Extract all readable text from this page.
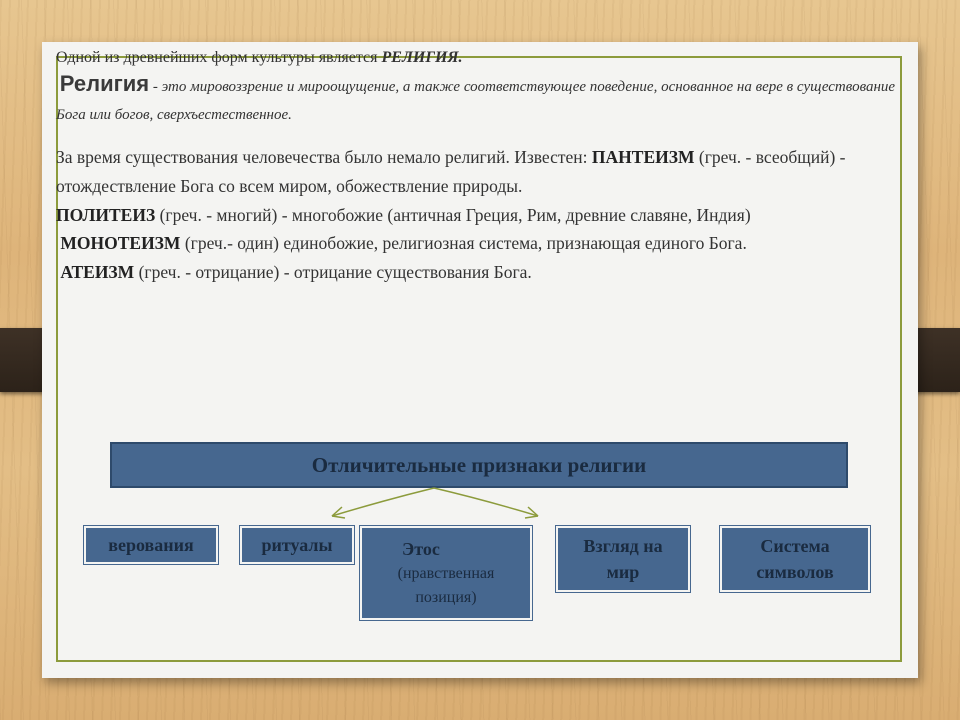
Одной из древнейших форм культуры является РЕЛИГИЯ.

Религия - это мировоззрение и мироощущение, а также соответствующее поведение, основанное на вере в существование Бога или богов, сверхъестественное.

За время существования человечества было немало религий. Известен: ПАНТЕИЗМ (греч. - всеобщий) - отождествление Бога со всем миром, обожествление природы.
ПОЛИТЕИЗ (греч. - многий) - многобожие (античная Греция, Рим, древние славяне, Индия)
МОНОТЕИЗМ (греч.- один) единобожие, религиозная система, признающая единого Бога.
АТЕИЗМ (греч. - отрицание) - отрицание существования Бога.

Отличительные признаки религии
верования	ритуалы	Этос
(нравственная позиция)
Взгляд на мир
Система символов
